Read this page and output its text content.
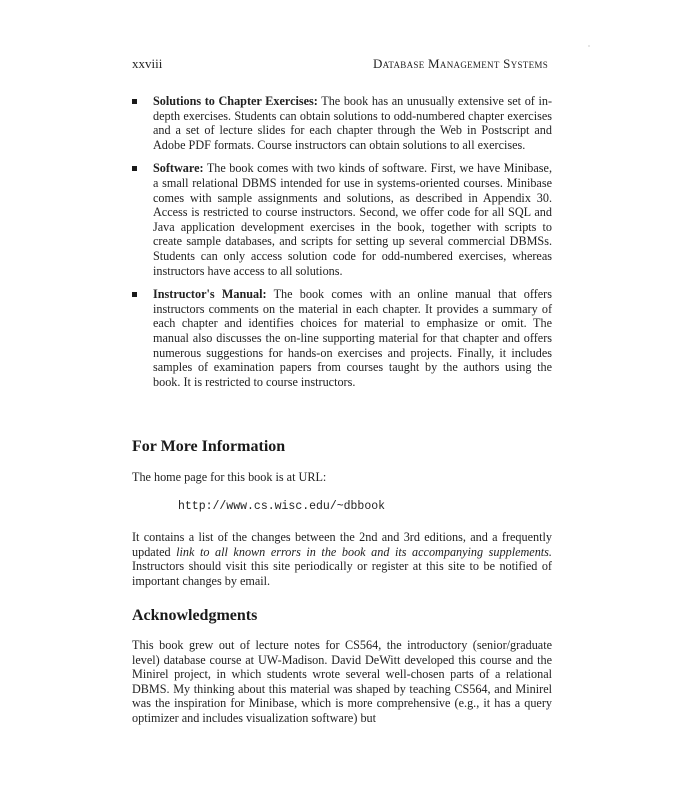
xxviii	Database Management Systems
Solutions to Chapter Exercises: The book has an unusually extensive set of in-depth exercises. Students can obtain solutions to odd-numbered chapter exercises and a set of lecture slides for each chapter through the Web in Postscript and Adobe PDF formats. Course instructors can obtain solutions to all exercises.
Software: The book comes with two kinds of software. First, we have Minibase, a small relational DBMS intended for use in systems-oriented courses. Minibase comes with sample assignments and solutions, as described in Appendix 30. Access is restricted to course instructors. Second, we offer code for all SQL and Java application development exercises in the book, together with scripts to create sample databases, and scripts for setting up several commercial DBMSs. Students can only access solution code for odd-numbered exercises, whereas instructors have access to all solutions.
Instructor's Manual: The book comes with an online manual that offers instructors comments on the material in each chapter. It provides a summary of each chapter and identifies choices for material to emphasize or omit. The manual also discusses the on-line supporting material for that chapter and offers numerous suggestions for hands-on exercises and projects. Finally, it includes samples of examination papers from courses taught by the authors using the book. It is restricted to course instructors.
For More Information

The home page for this book is at URL:

http://www.cs.wisc.edu/~dbbook

It contains a list of the changes between the 2nd and 3rd editions, and a frequently updated link to all known errors in the book and its accompanying supplements. Instructors should visit this site periodically or register at this site to be notified of important changes by email.

Acknowledgments

This book grew out of lecture notes for CS564, the introductory (senior/graduate level) database course at UW-Madison. David DeWitt developed this course and the Minirel project, in which students wrote several well-chosen parts of a relational DBMS. My thinking about this material was shaped by teaching CS564, and Minirel was the inspiration for Minibase, which is more comprehensive (e.g., it has a query optimizer and includes visualization software) but
